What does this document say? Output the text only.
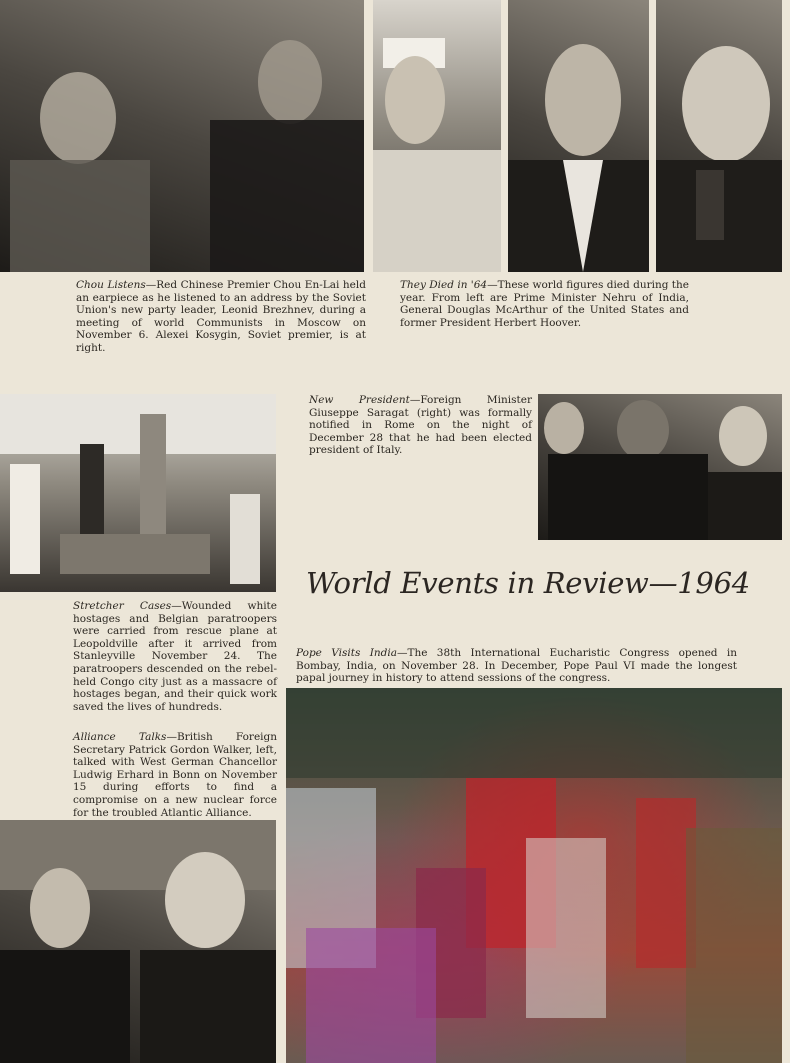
Chou Listens—Red Chinese Premier Chou En-Lai held an earpiece as he listened to an address by the Soviet Union's new party leader, Leonid Brezhnev, during a meeting of world Communists in Moscow on November 6. Alexei Kosygin, Soviet premier, is at right.

They Died in '64—These world figures died during the year. From left are Prime Minister Nehru of India, General Douglas McArthur of the United States and former President Herbert Hoover.

New President—Foreign Minister Giuseppe Saragat (right) was formally notified in Rome on the night of December 28 that he had been elected president of Italy.

World Events in Review—1964

Stretcher Cases—Wounded white hostages and Belgian paratroopers were carried from rescue plane at Leopoldville after it arrived from Stanleyville November 24. The paratroopers descended on the rebel-held Congo city just as a massacre of hostages began, and their quick work saved the lives of hundreds.

Pope Visits India—The 38th International Eucharistic Congress opened in Bombay, India, on November 28. In December, Pope Paul VI made the longest papal journey in history to attend sessions of the congress.

Alliance Talks—British Foreign Secretary Patrick Gordon Walker, left, talked with West German Chancellor Ludwig Erhard in Bonn on November 15 during efforts to find a compromise on a new nuclear force for the troubled Atlantic Alliance.
